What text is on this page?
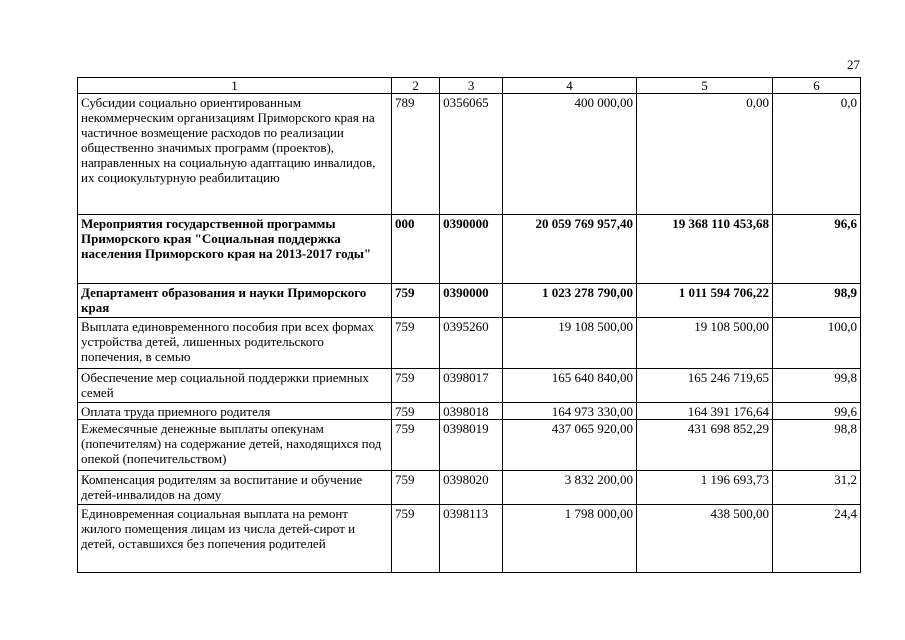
27
1	2	3	4	5	6
Субсидии социально ориентированным некоммерческим организациям Приморского края на частичное возмещение расходов по реализации общественно значимых программ (проектов), направленных на социальную адаптацию инвалидов, их социокультурную реабилитацию	789	0356065	400 000,00	0,00	0,0
Мероприятия государственной программы Приморского края "Социальная поддержка населения Приморского края на 2013-2017 годы"	000	0390000	20 059 769 957,40	19 368 110 453,68	96,6
Департамент образования и науки Приморского края	759	0390000	1 023 278 790,00	1 011 594 706,22	98,9
Выплата единовременного пособия при всех формах устройства детей, лишенных родительского попечения, в семью	759	0395260	19 108 500,00	19 108 500,00	100,0
Обеспечение мер социальной поддержки приемных семей	759	0398017	165 640 840,00	165 246 719,65	99,8
Оплата труда приемного родителя	759	0398018	164 973 330,00	164 391 176,64	99,6
Ежемесячные денежные выплаты опекунам (попечителям) на содержание детей, находящихся под опекой (попечительством)	759	0398019	437 065 920,00	431 698 852,29	98,8
Компенсация родителям за воспитание и обучение детей-инвалидов на дому	759	0398020	3 832 200,00	1 196 693,73	31,2
Единовременная социальная выплата на ремонт жилого помещения лицам из числа детей-сирот и детей, оставшихся без попечения родителей	759	0398113	1 798 000,00	438 500,00	24,4
